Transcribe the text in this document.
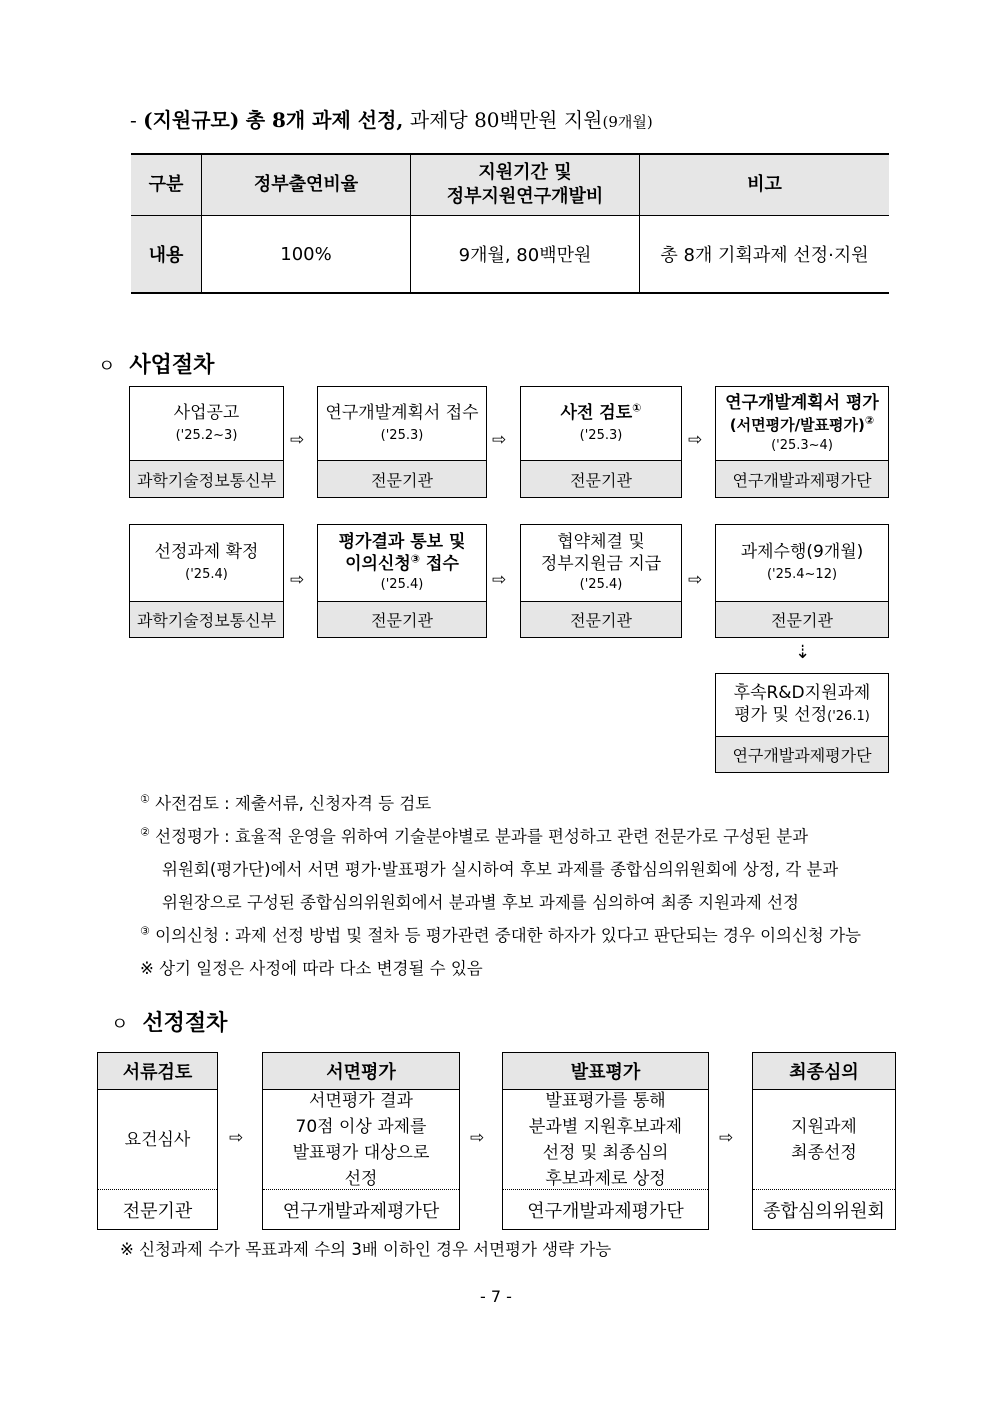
- (지원규모) 총 8개 과제 선정, 과제당 80백만원 지원(9개월)
구분	정부출연비율	지원기간 및
정부지원연구개발비	비고
내용	100%	9개월, 80백만원	총 8개 기획과제 선정·지원
ㅇ 사업절차
사업공고
('25.2~3)
과학기술정보통신부
⇨
연구개발계획서 접수
('25.3)
전문기관
⇨
사전 검토①
('25.3)
전문기관
⇨
연구개발계획서 평가
(서면평가/발표평가)②
('25.3~4)
연구개발과제평가단
선정과제 확정
('25.4)
과학기술정보통신부
⇨
평가결과 통보 및
이의신청③ 접수
('25.4)
전문기관
⇨
협약체결 및
정부지원금 지급
('25.4)
전문기관
⇨
과제수행(9개월)
('25.4~12)
전문기관
⇣
후속R&D지원과제
평가 및 선정('26.1)
연구개발과제평가단
① 사전검토 : 제출서류, 신청자격 등 검토
② 선정평가 : 효율적 운영을 위하여 기술분야별로 분과를 편성하고 관련 전문가로 구성된 분과
위원회(평가단)에서 서면 평가·발표평가 실시하여 후보 과제를 종합심의위원회에 상정, 각 분과
위원장으로 구성된 종합심의위원회에서 분과별 후보 과제를 심의하여 최종 지원과제 선정
③ 이의신청 : 과제 선정 방법 및 절차 등 평가관련 중대한 하자가 있다고 판단되는 경우 이의신청 가능
※ 상기 일정은 사정에 따라 다소 변경될 수 있음
ㅇ 선정절차
서류검토
요건심사
전문기관
⇨
서면평가
서면평가 결과
70점 이상 과제를
발표평가 대상으로
선정
연구개발과제평가단
⇨
발표평가
발표평가를 통해
분과별 지원후보과제
선정 및 최종심의
후보과제로 상정
연구개발과제평가단
⇨
최종심의
지원과제
최종선정
종합심의위원회
※ 신청과제 수가 목표과제 수의 3배 이하인 경우 서면평가 생략 가능
- 7 -
